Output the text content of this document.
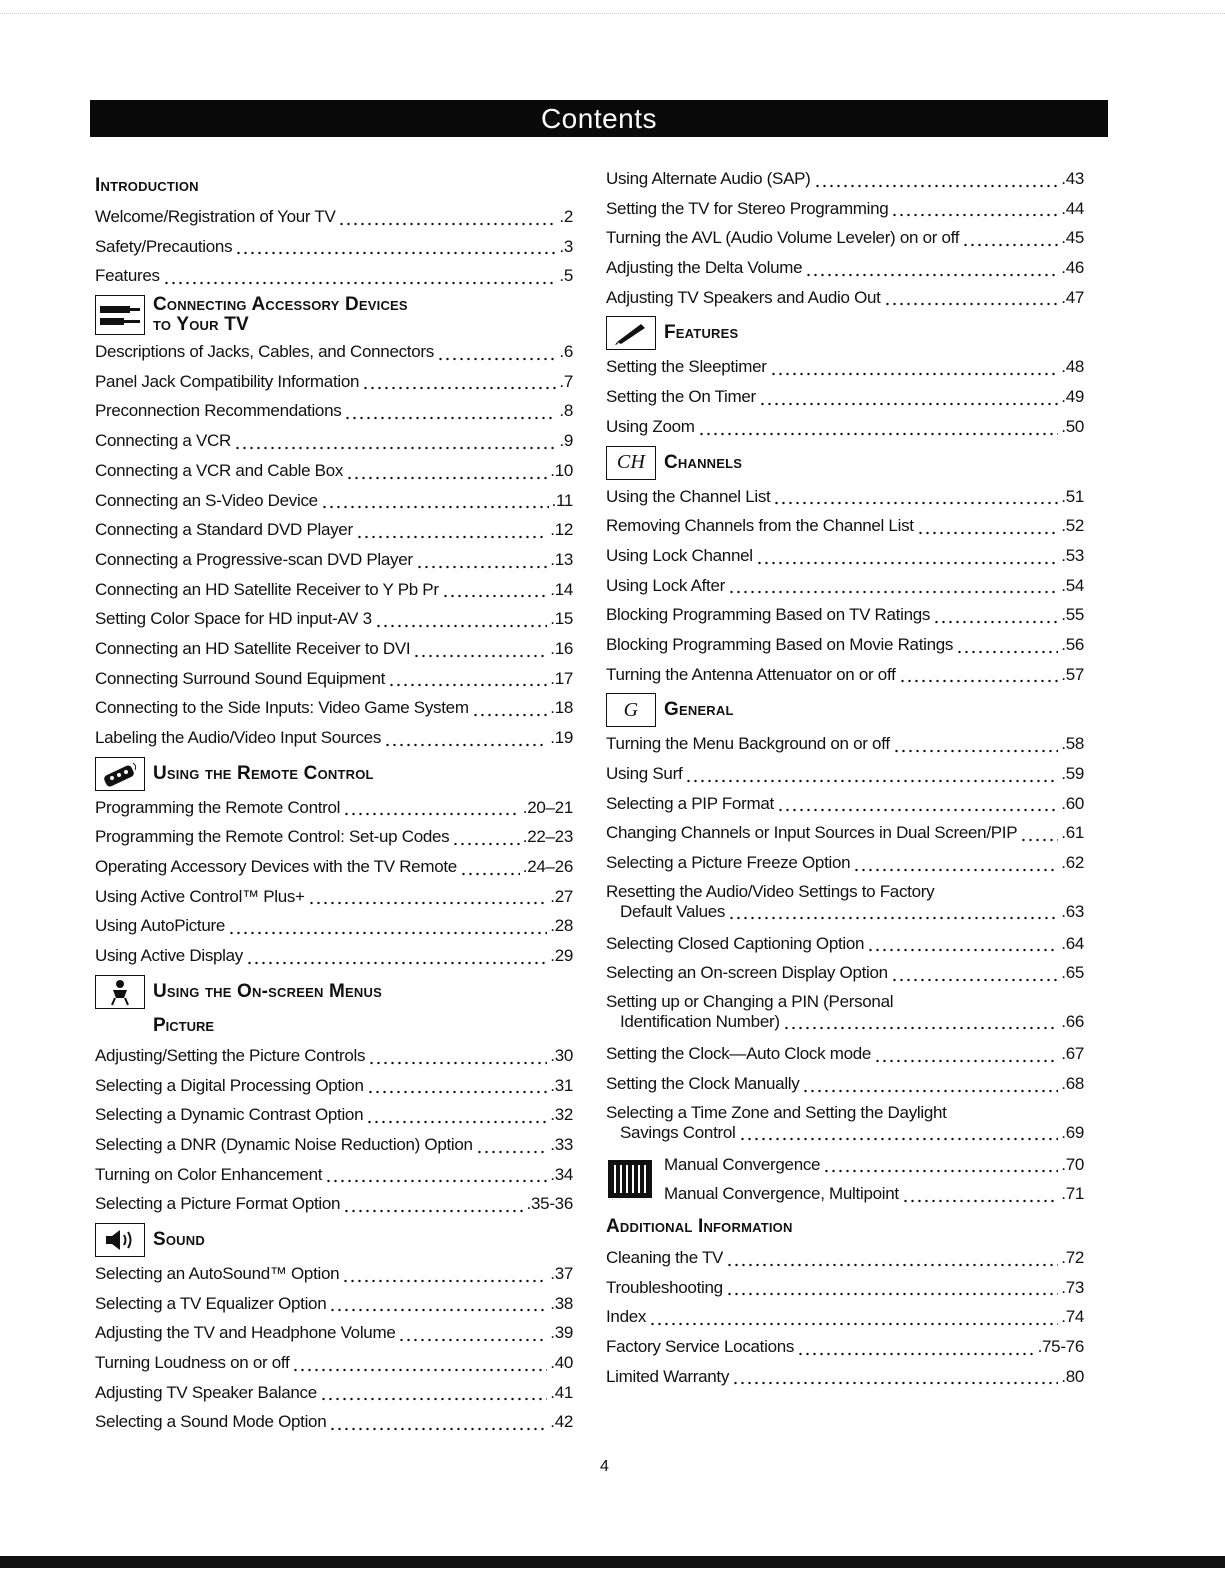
Contents
Introduction
Welcome/Registration of Your TV	.2
Safety/Precautions	.3
Features	.5
Connecting Accessory Devices
to Your TV
Descriptions of Jacks, Cables, and Connectors	.6
Panel Jack Compatibility Information	.7
Preconnection Recommendations	.8
Connecting a VCR	.9
Connecting a VCR and Cable Box	.10
Connecting an S-Video Device	.11
Connecting a Standard DVD Player	.12
Connecting a Progressive-scan DVD Player	.13
Connecting an HD Satellite Receiver to Y Pb Pr	.14
Setting Color Space for HD input-AV 3	.15
Connecting an HD Satellite Receiver to DVI	.16
Connecting Surround Sound Equipment	.17
Connecting to the Side Inputs: Video Game System	.18
Labeling the Audio/Video Input Sources	.19
Using the Remote Control
Programming the Remote Control	.20–21
Programming the Remote Control: Set-up Codes	.22–23
Operating Accessory Devices with the TV Remote	.24–26
Using Active Control™ Plus+	.27
Using AutoPicture	.28
Using Active Display	.29
Using the On-screen Menus
Picture
Adjusting/Setting the Picture Controls	.30
Selecting a Digital Processing Option	.31
Selecting a Dynamic Contrast Option	.32
Selecting a DNR (Dynamic Noise Reduction) Option	.33
Turning on Color Enhancement	.34
Selecting a Picture Format Option	.35-36
Sound
Selecting an AutoSound™ Option	.37
Selecting a TV Equalizer Option	.38
Adjusting the TV and Headphone Volume	.39
Turning Loudness on or off	.40
Adjusting TV Speaker Balance	.41
Selecting a Sound Mode Option	.42
Using Alternate Audio (SAP)	.43
Setting the TV for Stereo Programming	.44
Turning the AVL (Audio Volume Leveler) on or off	.45
Adjusting the Delta Volume	.46
Adjusting TV Speakers and Audio Out	.47
Features
Setting the Sleeptimer	.48
Setting the On Timer	.49
Using Zoom	.50
CH Channels
Using the Channel List	.51
Removing Channels from the Channel List	.52
Using Lock Channel	.53
Using Lock After	.54
Blocking Programming Based on TV Ratings	.55
Blocking Programming Based on Movie Ratings	.56
Turning the Antenna Attenuator on or off	.57
G	General
Turning the Menu Background on or off	.58
Using Surf	.59
Selecting a PIP Format	.60
Changing Channels or Input Sources in Dual Screen/PIP	.61
Selecting a Picture Freeze Option	.62
Resetting the Audio/Video Settings to Factory
Default Values	.63
Selecting Closed Captioning Option	.64
Selecting an On-screen Display Option	.65
Setting up or Changing a PIN (Personal
Identification Number)	.66
Setting the Clock—Auto Clock mode	.67
Setting the Clock Manually	.68
Selecting a Time Zone and Setting the Daylight
Savings Control	.69
Manual Convergence	.70
Manual Convergence, Multipoint	.71
Additional Information
Cleaning the TV	.72
Troubleshooting	.73
Index	.74
Factory Service Locations	.75-76
Limited Warranty	.80
4
